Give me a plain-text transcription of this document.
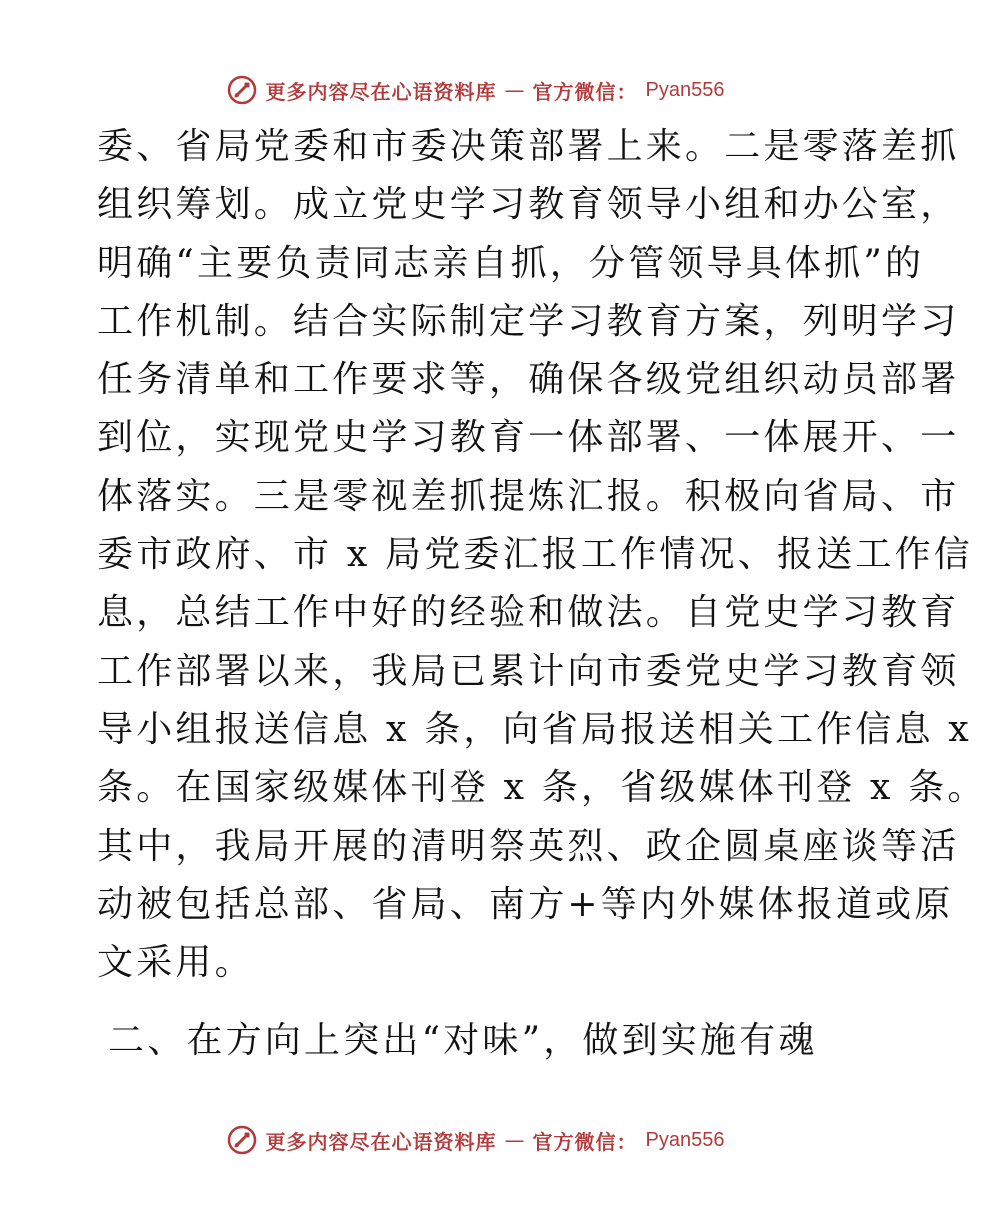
更多内容尽在心语资料库 — 官方微信： Pyan556
委、省局党委和市委决策部署上来。二是零落差抓
组织筹划。成立党史学习教育领导小组和办公室，
明确“主要负责同志亲自抓，分管领导具体抓”的
工作机制。结合实际制定学习教育方案，列明学习
任务清单和工作要求等，确保各级党组织动员部署
到位，实现党史学习教育一体部署、一体展开、一
体落实。三是零视差抓提炼汇报。积极向省局、市
委市政府、市 x 局党委汇报工作情况、报送工作信
息，总结工作中好的经验和做法。自党史学习教育
工作部署以来，我局已累计向市委党史学习教育领
导小组报送信息 x 条，向省局报送相关工作信息 x
条。在国家级媒体刊登 x 条，省级媒体刊登 x 条。
其中，我局开展的清明祭英烈、政企圆桌座谈等活
动被包括总部、省局、南方+等内外媒体报道或原
文采用。
二、在方向上突出“对味”，做到实施有魂
更多内容尽在心语资料库 — 官方微信： Pyan556
